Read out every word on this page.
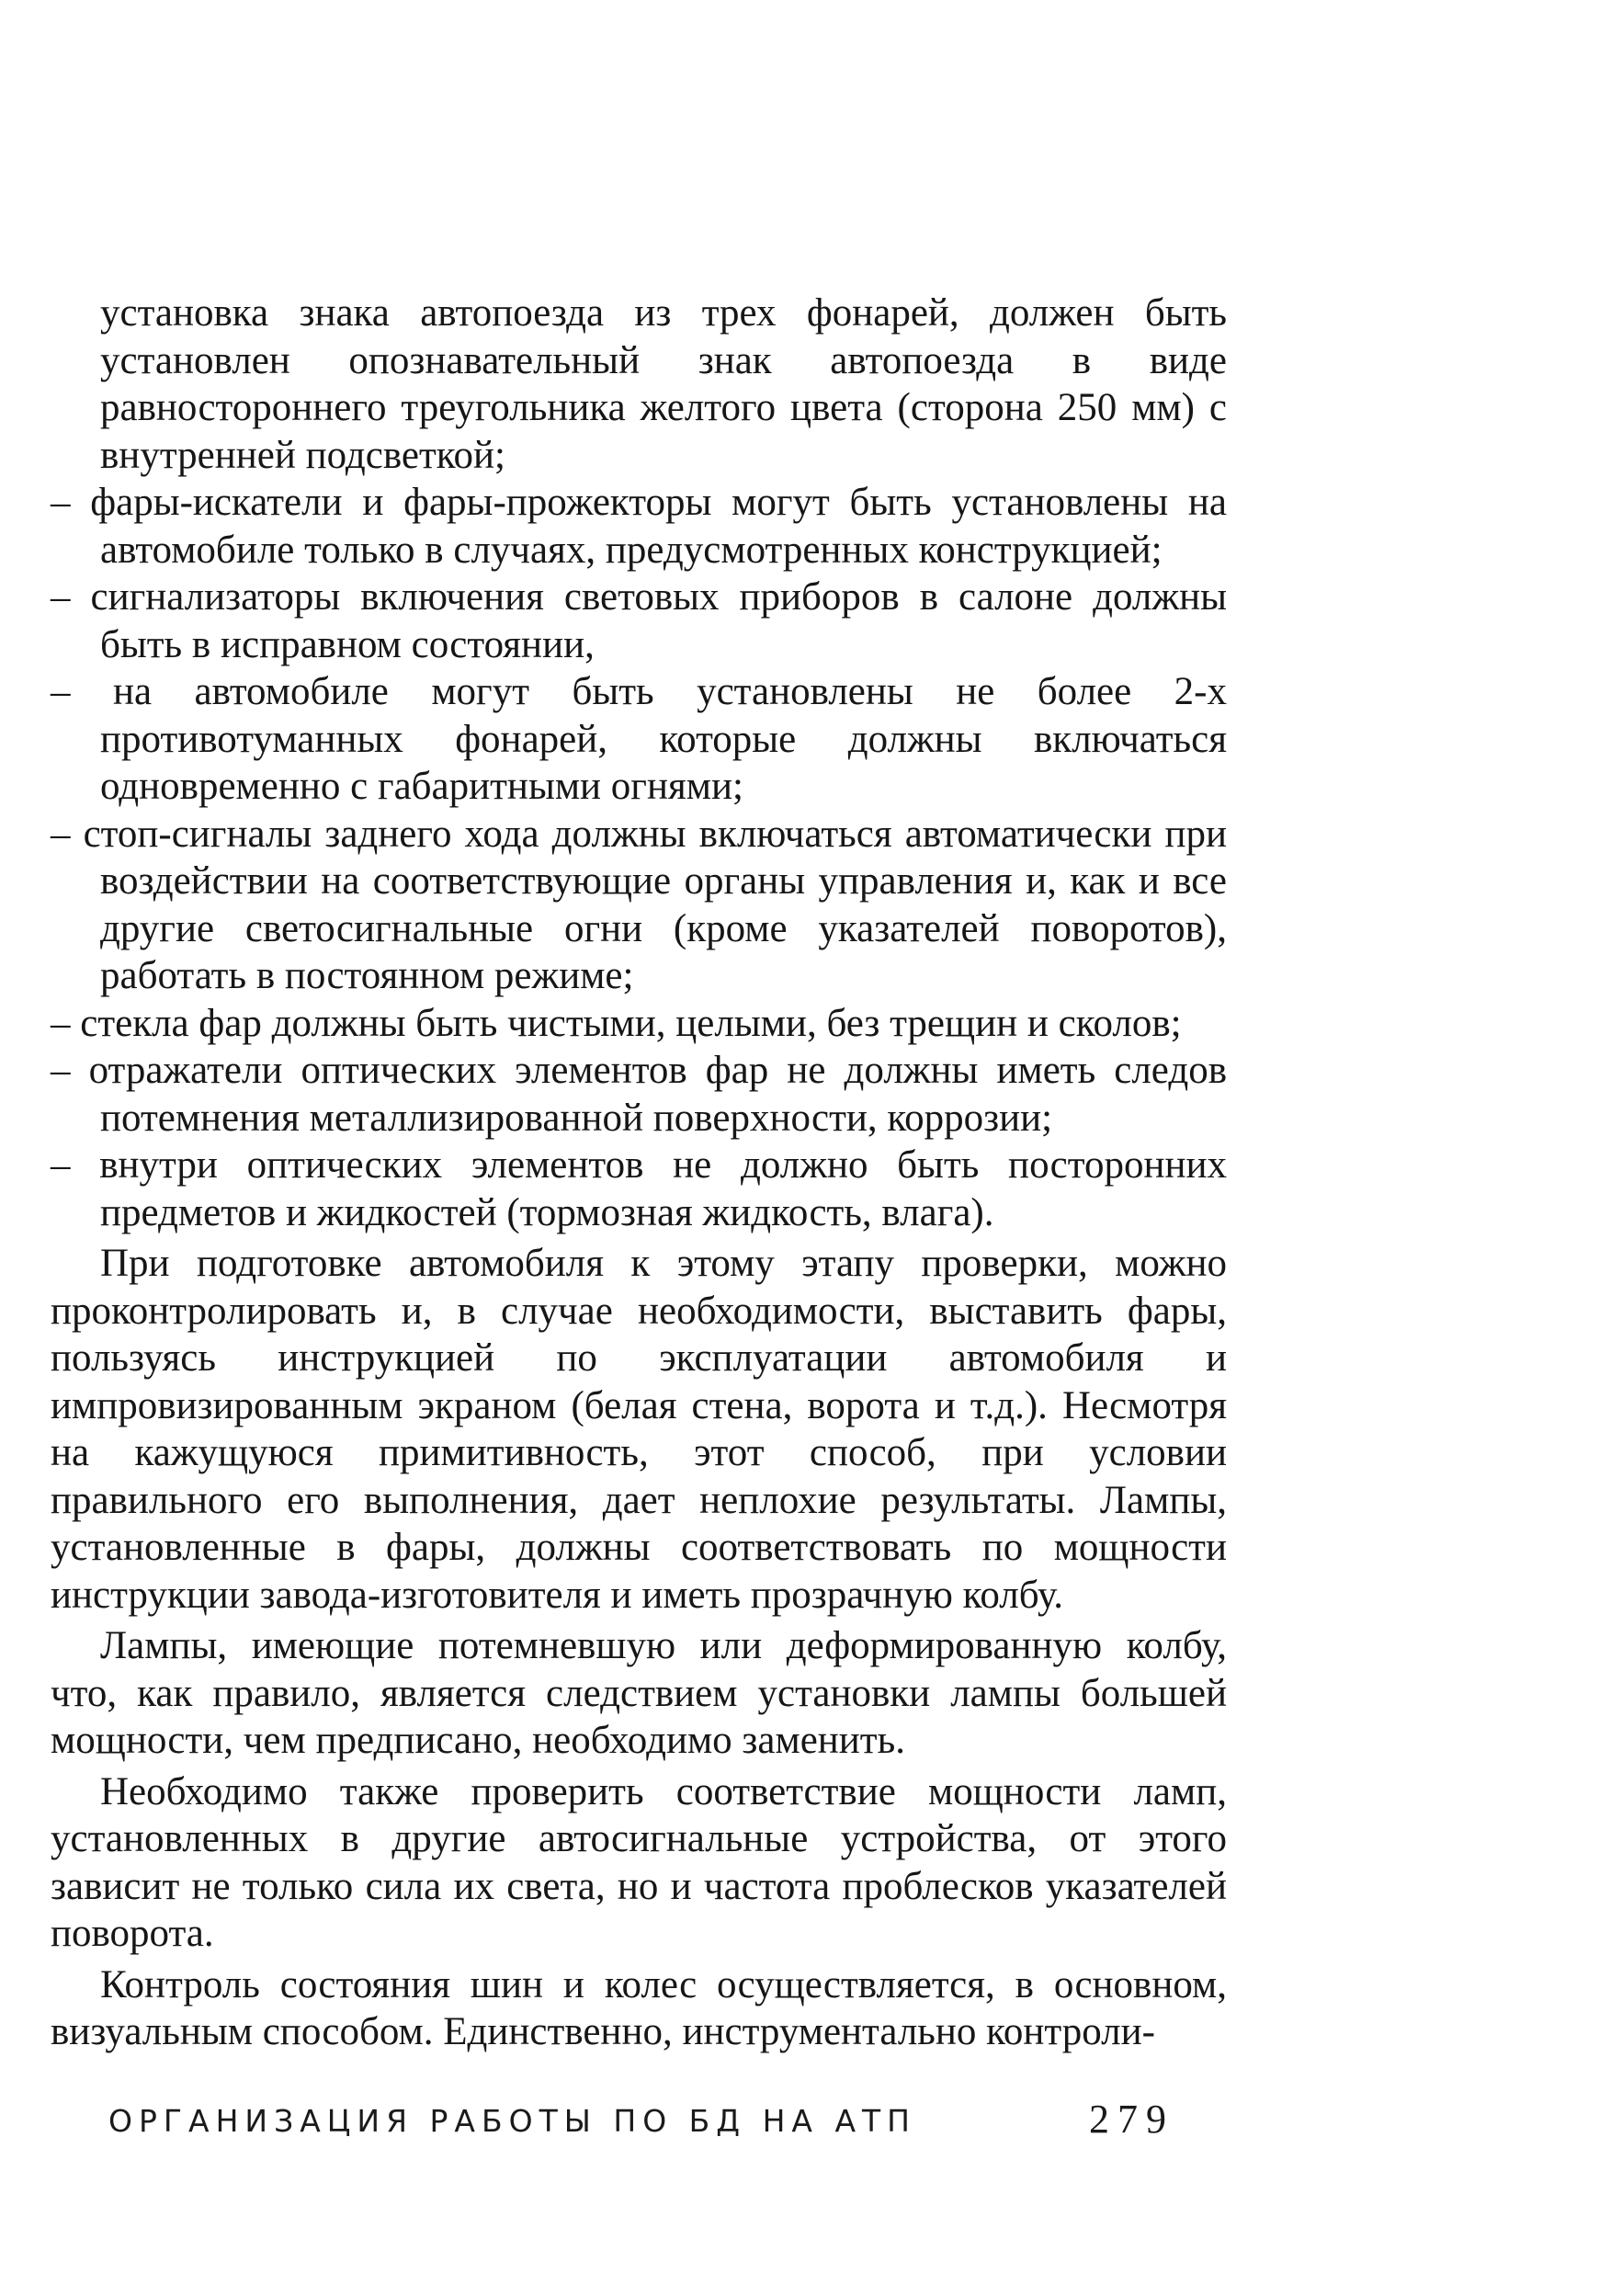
установка знака автопоезда из трех фонарей, должен быть установлен опознавательный знак автопоезда в виде равностороннего треугольника желтого цвета (сторона 250 мм) с внутренней подсветкой;

– фары-искатели и фары-прожекторы могут быть установлены на автомобиле только в случаях, предусмотренных конструкцией;

– сигнализаторы включения световых приборов в салоне должны быть в исправном состоянии,

– на автомобиле могут быть установлены не более 2-х противотуманных фонарей, которые должны включаться одновременно с габаритными огнями;

– стоп-сигналы заднего хода должны включаться автоматически при воздействии на соответствующие органы управления и, как и все другие светосигнальные огни (кроме указателей поворотов), работать в постоянном режиме;

– стекла фар должны быть чистыми, целыми, без трещин и сколов;

– отражатели оптических элементов фар не должны иметь следов потемнения металлизированной поверхности, коррозии;

– внутри оптических элементов не должно быть посторонних предметов и жидкостей (тормозная жидкость, влага).

При подготовке автомобиля к этому этапу проверки, можно проконтролировать и, в случае необходимости, выставить фары, пользуясь инструкцией по эксплуатации автомобиля и импровизированным экраном (белая стена, ворота и т.д.). Несмотря на кажущуюся примитивность, этот способ, при условии правильного его выполнения, дает неплохие результаты. Лампы, установленные в фары, должны соответствовать по мощности инструкции завода-изготовителя и иметь прозрачную колбу.

Лампы, имеющие потемневшую или деформированную колбу, что, как правило, является следствием установки лампы большей мощности, чем предписано, необходимо заменить.

Необходимо также проверить соответствие мощности ламп, установленных в другие автосигнальные устройства, от этого зависит не только сила их света, но и частота проблесков указателей поворота.

Контроль состояния шин и колес осуществляется, в основном, визуальным способом. Единственно, инструментально контроли-

ОРГАНИЗАЦИЯ РАБОТЫ ПО БД НА АТП	279
